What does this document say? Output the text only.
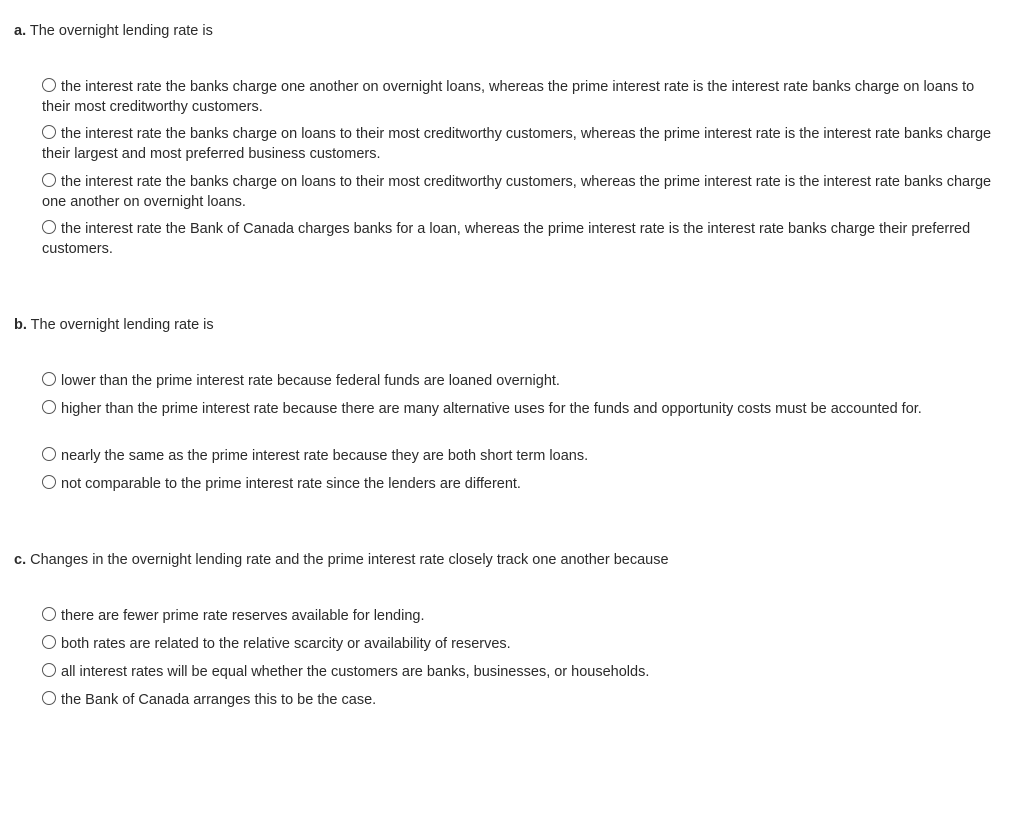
a. The overnight lending rate is

the interest rate the banks charge one another on overnight loans, whereas the prime interest rate is the interest rate banks charge on loans to their most creditworthy customers.
the interest rate the banks charge on loans to their most creditworthy customers, whereas the prime interest rate is the interest rate banks charge their largest and most preferred business customers.
the interest rate the banks charge on loans to their most creditworthy customers, whereas the prime interest rate is the interest rate banks charge one another on overnight loans.
the interest rate the Bank of Canada charges banks for a loan, whereas the prime interest rate is the interest rate banks charge their preferred customers.

b. The overnight lending rate is

lower than the prime interest rate because federal funds are loaned overnight.
higher than the prime interest rate because there are many alternative uses for the funds and opportunity costs must be accounted for.
nearly the same as the prime interest rate because they are both short term loans.
not comparable to the prime interest rate since the lenders are different.

c. Changes in the overnight lending rate and the prime interest rate closely track one another because

there are fewer prime rate reserves available for lending.
both rates are related to the relative scarcity or availability of reserves.
all interest rates will be equal whether the customers are banks, businesses, or households.
the Bank of Canada arranges this to be the case.
